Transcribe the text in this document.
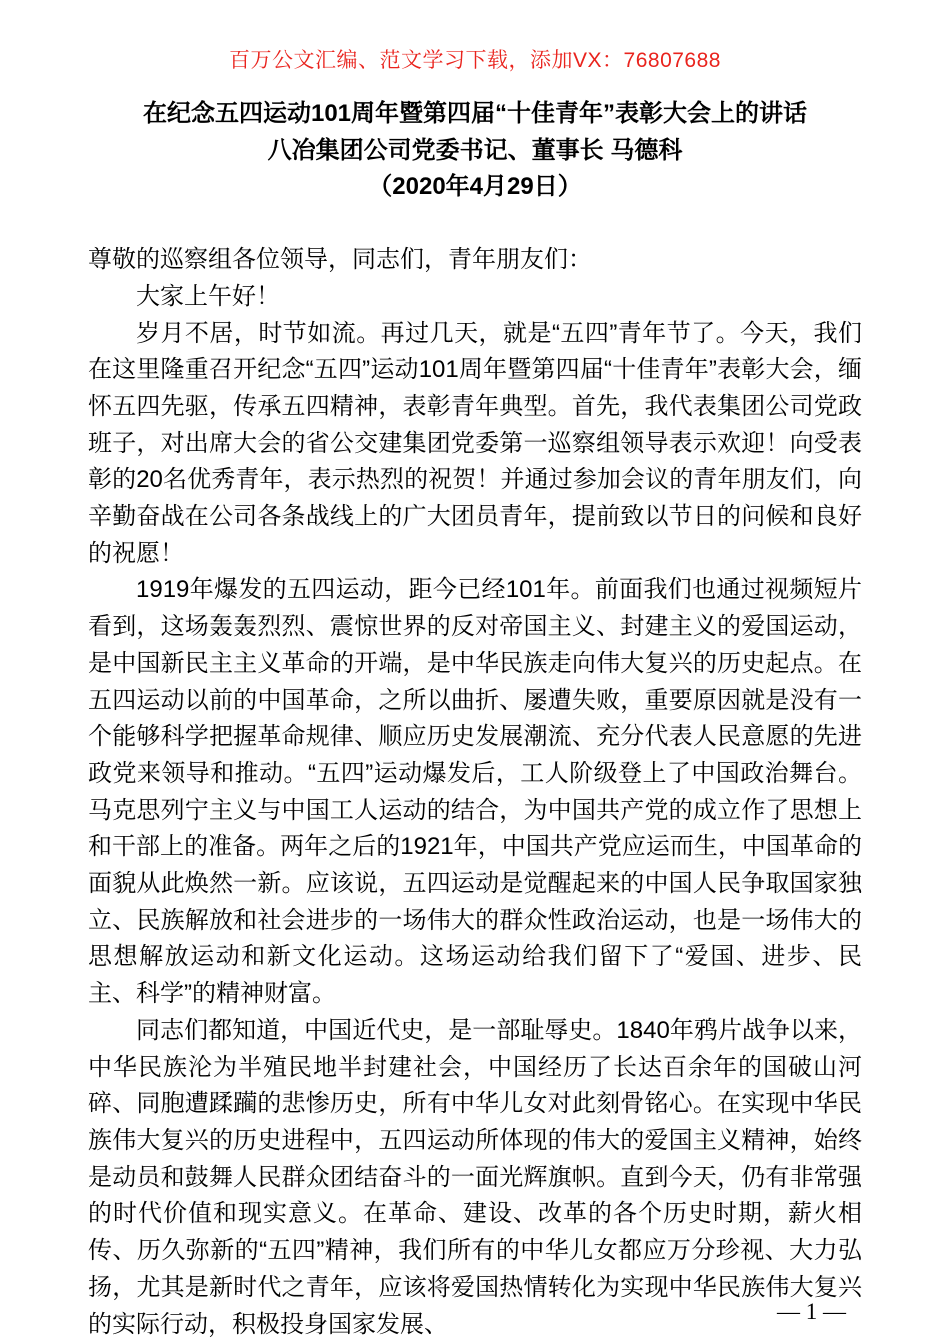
百万公文汇编、范文学习下载，添加VX：76807688
在纪念五四运动101周年暨第四届“十佳青年”表彰大会上的讲话
八冶集团公司党委书记、董事长 马德科
（2020年4月29日）

尊敬的巡察组各位领导，同志们，青年朋友们：

大家上午好！

岁月不居，时节如流。再过几天，就是“五四”青年节了。今天，我们在这里隆重召开纪念“五四”运动101周年暨第四届“十佳青年”表彰大会，缅怀五四先驱，传承五四精神，表彰青年典型。首先，我代表集团公司党政班子，对出席大会的省公交建集团党委第一巡察组领导表示欢迎！向受表彰的20名优秀青年，表示热烈的祝贺！并通过参加会议的青年朋友们，向辛勤奋战在公司各条战线上的广大团员青年，提前致以节日的问候和良好的祝愿！

1919年爆发的五四运动，距今已经101年。前面我们也通过视频短片看到，这场轰轰烈烈、震惊世界的反对帝国主义、封建主义的爱国运动，是中国新民主主义革命的开端，是中华民族走向伟大复兴的历史起点。在五四运动以前的中国革命，之所以曲折、屡遭失败，重要原因就是没有一个能够科学把握革命规律、顺应历史发展潮流、充分代表人民意愿的先进政党来领导和推动。“五四”运动爆发后，工人阶级登上了中国政治舞台。马克思列宁主义与中国工人运动的结合，为中国共产党的成立作了思想上和干部上的准备。两年之后的1921年，中国共产党应运而生，中国革命的面貌从此焕然一新。应该说，五四运动是觉醒起来的中国人民争取国家独立、民族解放和社会进步的一场伟大的群众性政治运动，也是一场伟大的思想解放运动和新文化运动。这场运动给我们留下了“爱国、进步、民主、科学”的精神财富。

同志们都知道，中国近代史，是一部耻辱史。1840年鸦片战争以来，中华民族沦为半殖民地半封建社会，中国经历了长达百余年的国破山河碎、同胞遭蹂躏的悲惨历史，所有中华儿女对此刻骨铭心。在实现中华民族伟大复兴的历史进程中，五四运动所体现的伟大的爱国主义精神，始终是动员和鼓舞人民群众团结奋斗的一面光辉旗帜。直到今天，仍有非常强的时代价值和现实意义。在革命、建设、改革的各个历史时期，薪火相传、历久弥新的“五四”精神，我们所有的中华儿女都应万分珍视、大力弘扬，尤其是新时代之青年，应该将爱国热情转化为实现中华民族伟大复兴的实际行动，积极投身国家发展、	— 1 —
